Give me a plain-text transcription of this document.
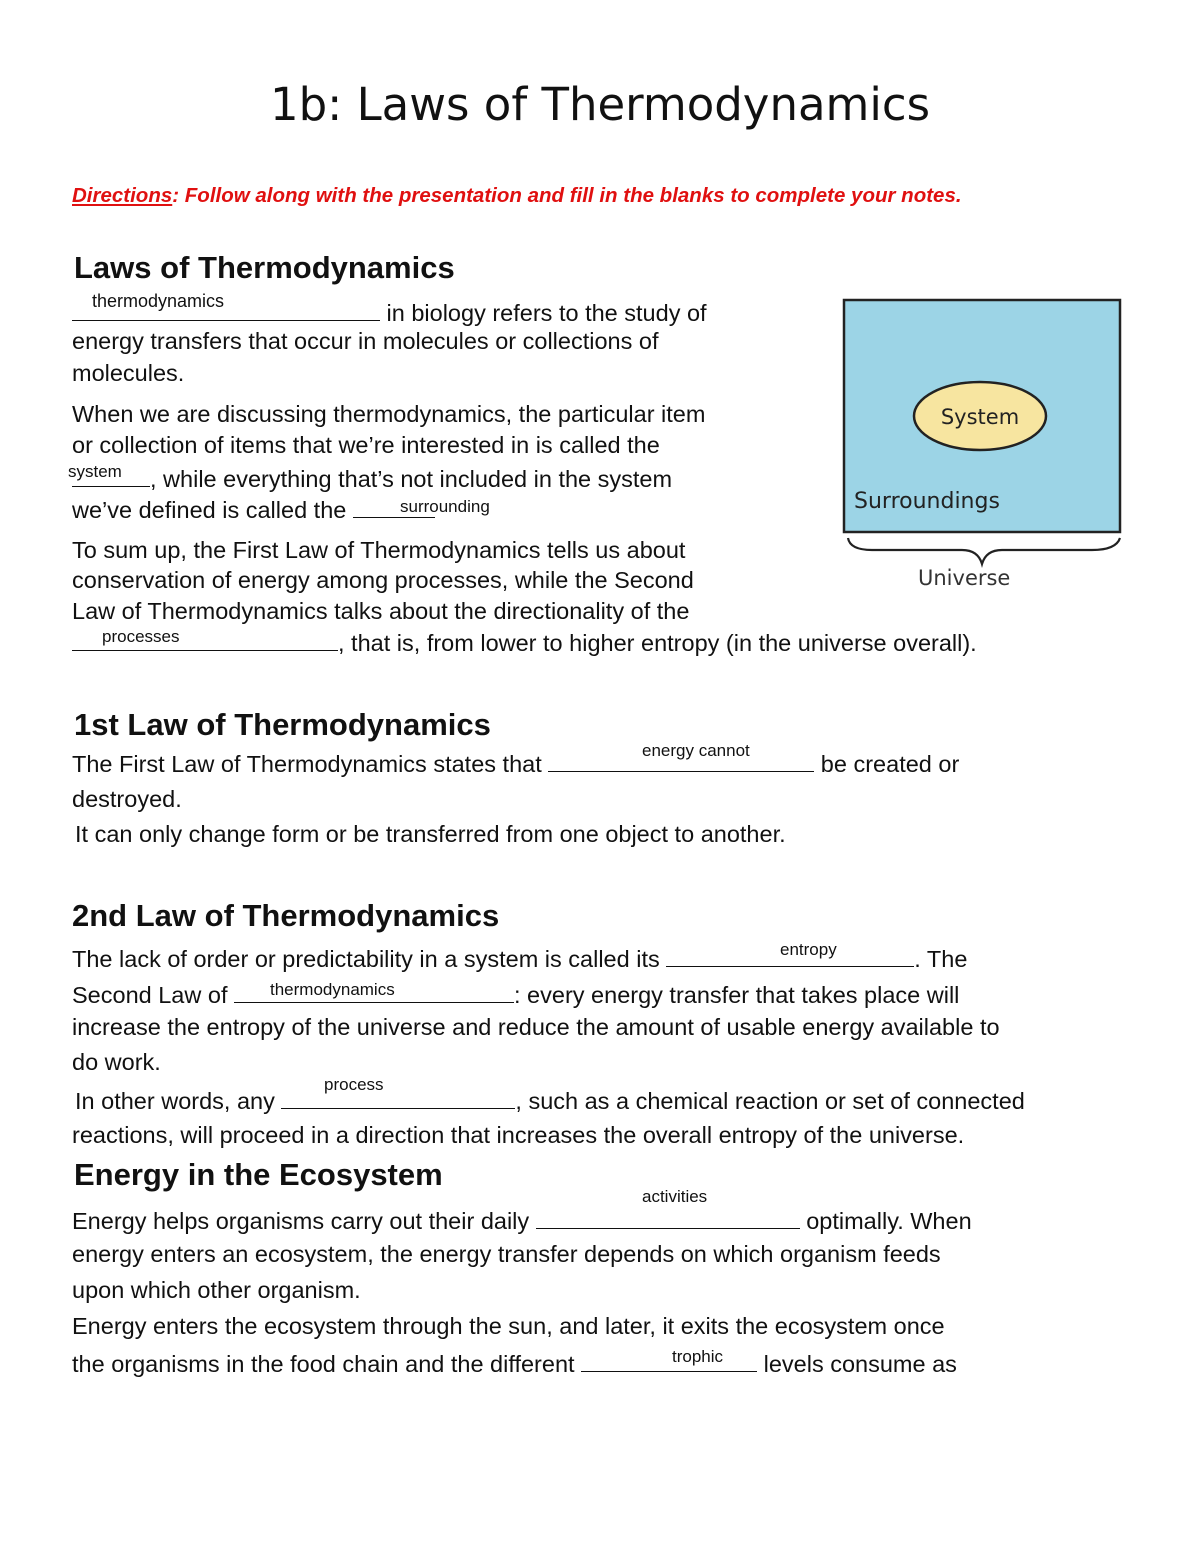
1b: Laws of Thermodynamics
Directions: Follow along with the presentation and fill in the blanks to complete your notes.
Laws of Thermodynamics
thermodynamics	in biology refers to the study of
energy transfers that occur in molecules or collections of
molecules.
When we are discussing thermodynamics, the particular item
or collection of items that we’re interested in is called the
system	, while everything that’s not included in the system
we’ve defined is called the	surrounding
To sum up, the First Law of Thermodynamics tells us about
conservation of energy among processes, while the Second
Law of Thermodynamics talks about the directionality of the
processes	, that is, from lower to higher entropy (in the universe overall).
System
Surroundings
Universe
1st Law of Thermodynamics
energy cannot
The First Law of Thermodynamics states that	be created or
destroyed.
It can only change form or be transferred from one object to another.
2nd Law of Thermodynamics
entropy
The lack of order or predictability in a system is called its	. The
thermodynamics
Second Law of	: every energy transfer that takes place will
increase the entropy of the universe and reduce the amount of usable energy available to
do work.
process
In other words, any	, such as a chemical reaction or set of connected
reactions, will proceed in a direction that increases the overall entropy of the universe.
Energy in the Ecosystem
activities
Energy helps organisms carry out their daily	optimally. When
energy enters an ecosystem, the energy transfer depends on which organism feeds
upon which other organism.
Energy enters the ecosystem through the sun, and later, it exits the ecosystem once
trophic
the organisms in the food chain and the different	levels consume as
